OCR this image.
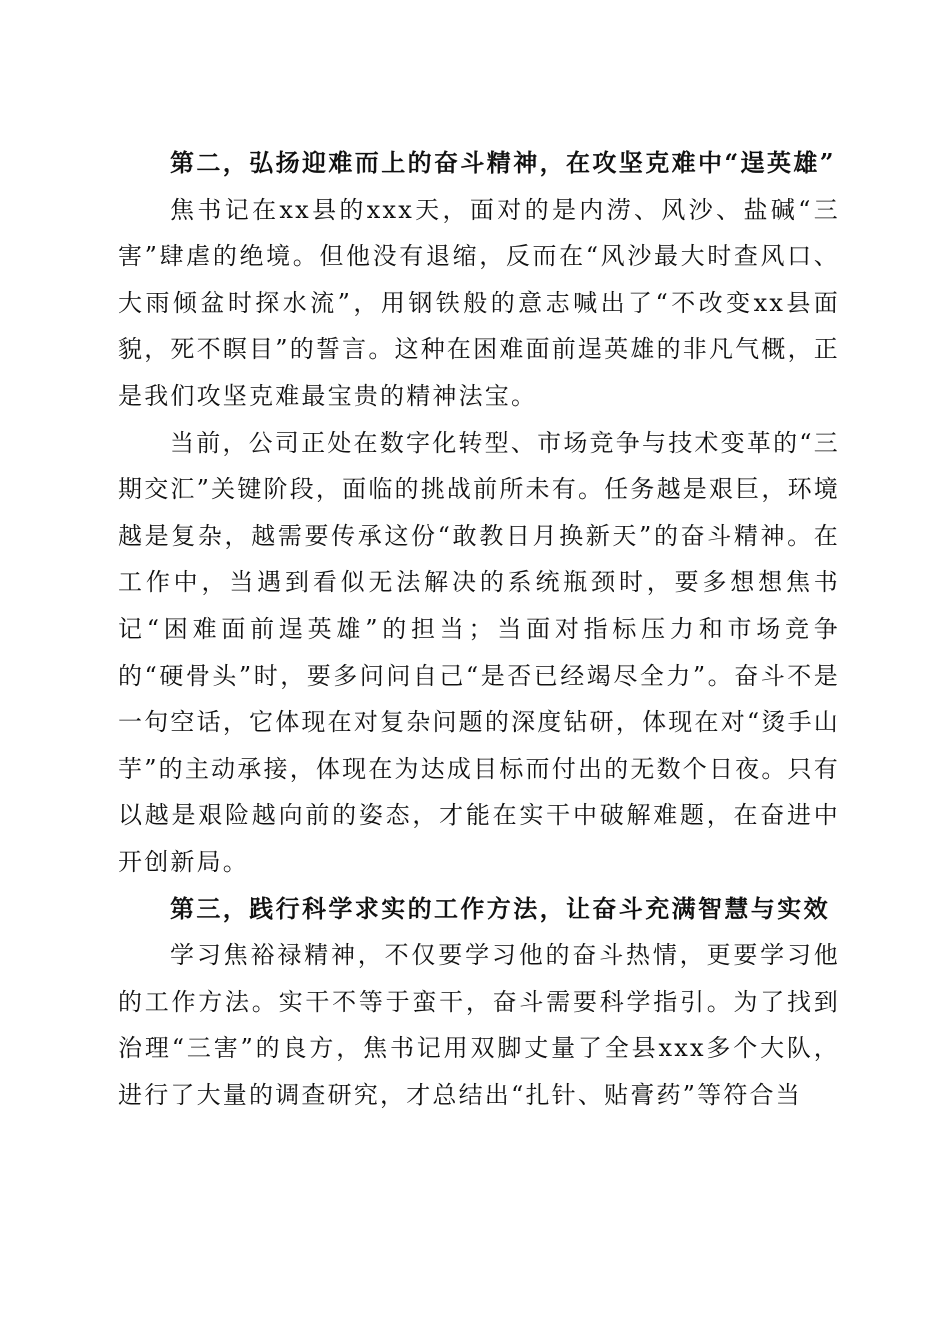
第二，弘扬迎难而上的奋斗精神，在攻坚克难中“逞英雄”

焦书记在xx县的xxx天，面对的是内涝、风沙、盐碱“三害”肆虐的绝境。但他没有退缩，反而在“风沙最大时查风口、大雨倾盆时探水流”，用钢铁般的意志喊出了“不改变xx县面貌，死不瞑目”的誓言。这种在困难面前逞英雄的非凡气概，正是我们攻坚克难最宝贵的精神法宝。

当前，公司正处在数字化转型、市场竞争与技术变革的“三期交汇”关键阶段，面临的挑战前所未有。任务越是艰巨，环境越是复杂，越需要传承这份“敢教日月换新天”的奋斗精神。在工作中，当遇到看似无法解决的系统瓶颈时，要多想想焦书记“困难面前逞英雄”的担当；当面对指标压力和市场竞争的“硬骨头”时，要多问问自己“是否已经竭尽全力”。奋斗不是一句空话，它体现在对复杂问题的深度钻研，体现在对“烫手山芋”的主动承接，体现在为达成目标而付出的无数个日夜。只有以越是艰险越向前的姿态，才能在实干中破解难题，在奋进中开创新局。

第三，践行科学求实的工作方法，让奋斗充满智慧与实效

学习焦裕禄精神，不仅要学习他的奋斗热情，更要学习他的工作方法。实干不等于蛮干，奋斗需要科学指引。为了找到治理“三害”的良方，焦书记用双脚丈量了全县xxx多个大队，进行了大量的调查研究，才总结出“扎针、贴膏药”等符合当
